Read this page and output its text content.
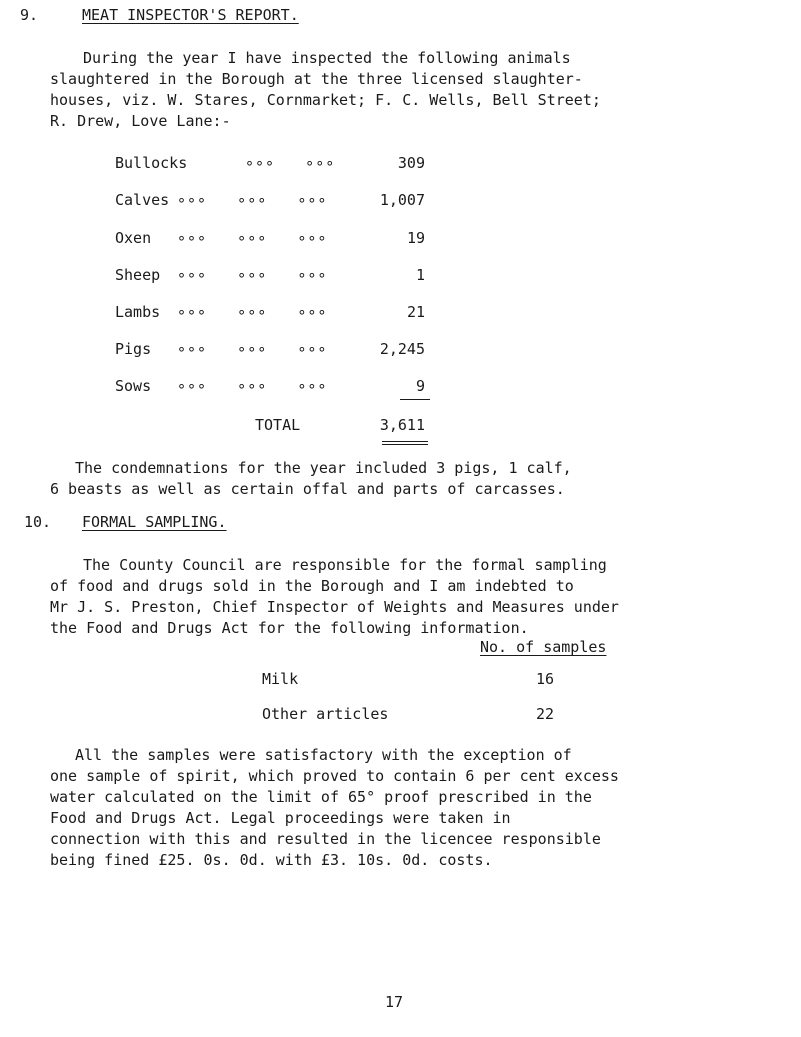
9.	MEAT INSPECTOR'S REPORT.
During the year I have inspected the following animals
slaughtered in the Borough at the three licensed slaughter-
houses, viz. W. Stares, Cornmarket; F. C. Wells, Bell Street;
R. Drew, Love Lane:-
Bullocks	∘∘∘   ∘∘∘	309
Calves ∘∘∘   ∘∘∘   ∘∘∘	1,007
Oxen ∘∘∘   ∘∘∘   ∘∘∘	19
Sheep ∘∘∘   ∘∘∘   ∘∘∘	1
Lambs ∘∘∘   ∘∘∘   ∘∘∘	21
Pigs ∘∘∘   ∘∘∘   ∘∘∘	2,245
Sows ∘∘∘   ∘∘∘   ∘∘∘	9
TOTAL	3,611
The condemnations for the year included 3 pigs, 1 calf,
6 beasts as well as certain offal and parts of carcasses.
10. FORMAL SAMPLING.
The County Council are responsible for the formal sampling
of food and drugs sold in the Borough and I am indebted to
Mr J. S. Preston, Chief Inspector of Weights and Measures under
the Food and Drugs Act for the following information.
No. of samples
Milk	16
Other articles	22
All the samples were satisfactory with the exception of
one sample of spirit, which proved to contain 6 per cent excess
water calculated on the limit of 65° proof prescribed in the
Food and Drugs Act. Legal proceedings were taken in
connection with this and resulted in the licencee responsible
being fined £25. 0s. 0d. with £3. 10s. 0d. costs.
17
